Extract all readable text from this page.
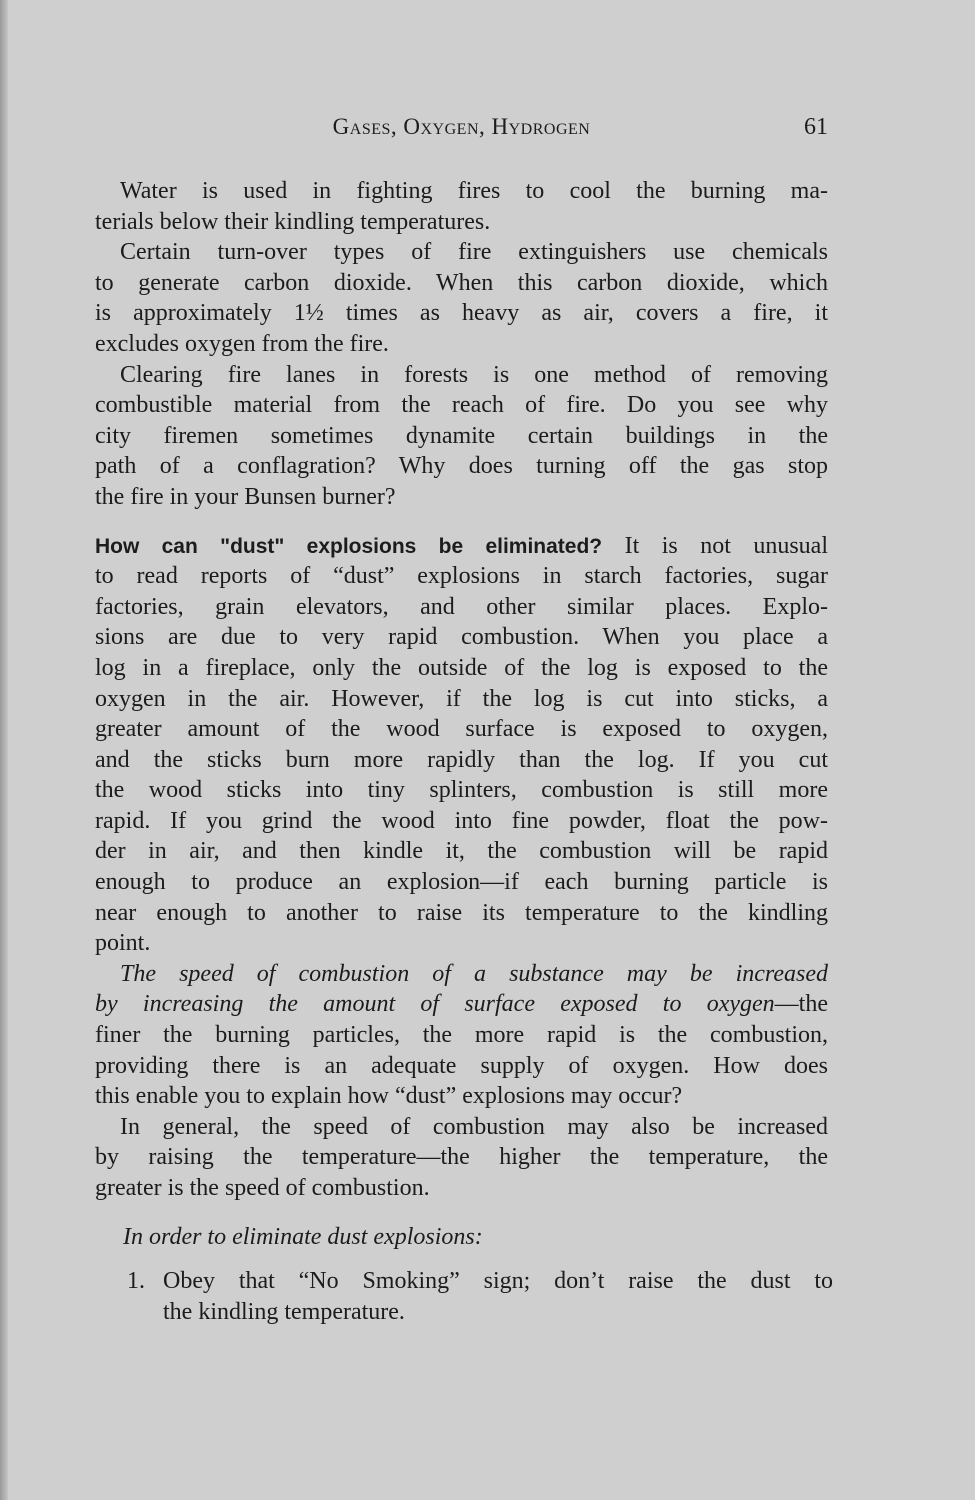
Gases, Oxygen, Hydrogen	61
Water is used in fighting fires to cool the burning ma-
terials below their kindling temperatures.
Certain turn-over types of fire extinguishers use chemicals
to generate carbon dioxide. When this carbon dioxide, which
is approximately 1½ times as heavy as air, covers a fire, it
excludes oxygen from the fire.
Clearing fire lanes in forests is one method of removing
combustible material from the reach of fire. Do you see why
city firemen sometimes dynamite certain buildings in the
path of a conflagration? Why does turning off the gas stop
the fire in your Bunsen burner?
How can "dust" explosions be eliminated? It is not unusual
to read reports of “dust” explosions in starch factories, sugar
factories, grain elevators, and other similar places. Explo-
sions are due to very rapid combustion. When you place a
log in a fireplace, only the outside of the log is exposed to the
oxygen in the air. However, if the log is cut into sticks, a
greater amount of the wood surface is exposed to oxygen,
and the sticks burn more rapidly than the log. If you cut
the wood sticks into tiny splinters, combustion is still more
rapid. If you grind the wood into fine powder, float the pow-
der in air, and then kindle it, the combustion will be rapid
enough to produce an explosion—if each burning particle is
near enough to another to raise its temperature to the kindling
point.
The speed of combustion of a substance may be increased
by increasing the amount of surface exposed to oxygen—the
finer the burning particles, the more rapid is the combustion,
providing there is an adequate supply of oxygen. How does
this enable you to explain how “dust” explosions may occur?
In general, the speed of combustion may also be increased
by raising the temperature—the higher the temperature, the
greater is the speed of combustion.
In order to eliminate dust explosions:
1. Obey that “No Smoking” sign; don’t raise the dust to
the kindling temperature.
